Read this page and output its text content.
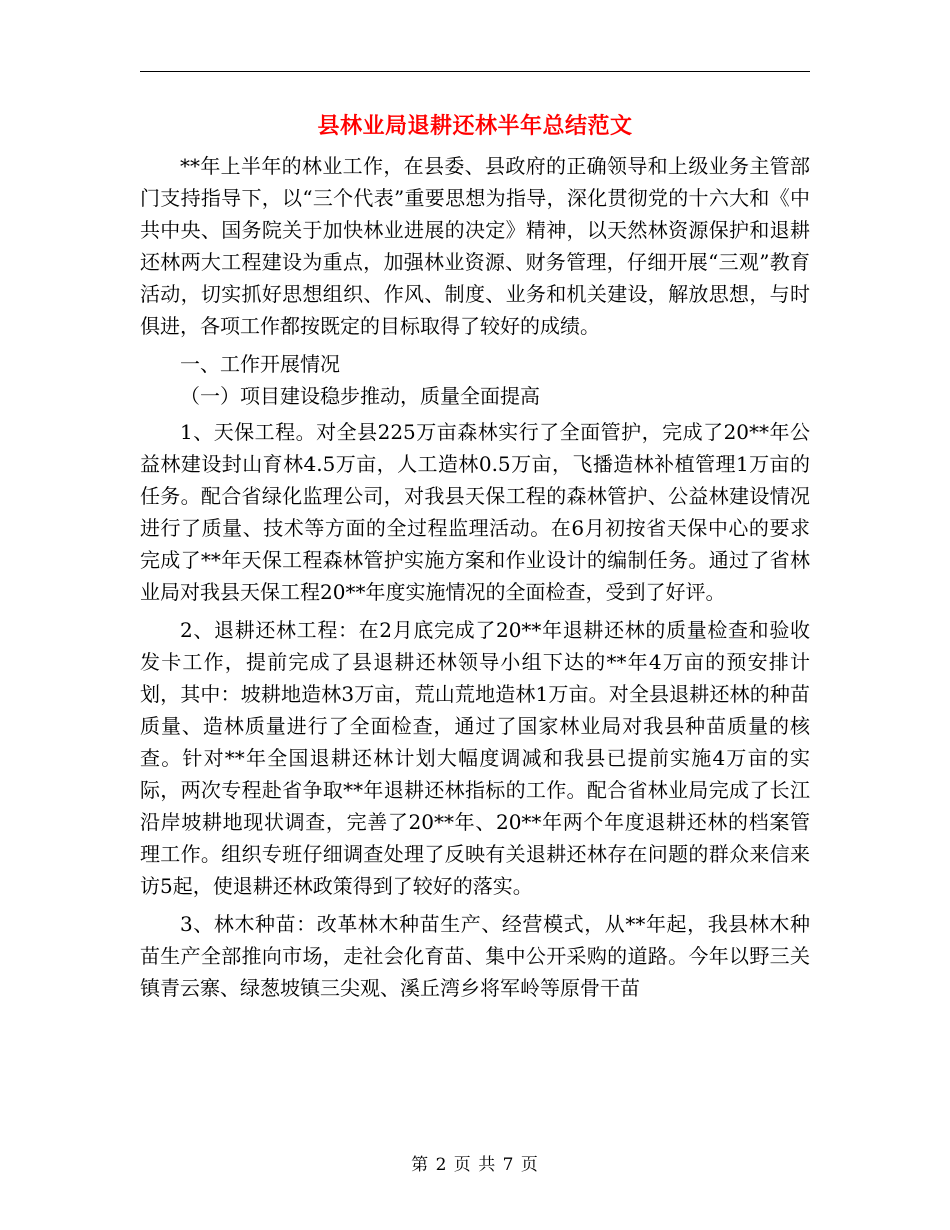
县林业局退耕还林半年总结范文

**年上半年的林业工作，在县委、县政府的正确领导和上级业务主管部门支持指导下，以“三个代表”重要思想为指导，深化贯彻党的十六大和《中共中央、国务院关于加快林业进展的决定》精神，以天然林资源保护和退耕还林两大工程建设为重点，加强林业资源、财务管理，仔细开展“三观”教育活动，切实抓好思想组织、作风、制度、业务和机关建设，解放思想，与时俱进，各项工作都按既定的目标取得了较好的成绩。

一、工作开展情况

（一）项目建设稳步推动，质量全面提高

1、天保工程。对全县225万亩森林实行了全面管护，完成了20**年公益林建设封山育林4.5万亩，人工造林0.5万亩，飞播造林补植管理1万亩的任务。配合省绿化监理公司，对我县天保工程的森林管护、公益林建设情况进行了质量、技术等方面的全过程监理活动。在6月初按省天保中心的要求完成了**年天保工程森林管护实施方案和作业设计的编制任务。通过了省林业局对我县天保工程20**年度实施情况的全面检查，受到了好评。

2、退耕还林工程：在2月底完成了20**年退耕还林的质量检查和验收发卡工作，提前完成了县退耕还林领导小组下达的**年4万亩的预安排计划，其中：坡耕地造林3万亩，荒山荒地造林1万亩。对全县退耕还林的种苗质量、造林质量进行了全面检查，通过了国家林业局对我县种苗质量的核查。针对**年全国退耕还林计划大幅度调减和我县已提前实施4万亩的实际，两次专程赴省争取**年退耕还林指标的工作。配合省林业局完成了长江沿岸坡耕地现状调查，完善了20**年、20**年两个年度退耕还林的档案管理工作。组织专班仔细调查处理了反映有关退耕还林存在问题的群众来信来访5起，使退耕还林政策得到了较好的落实。

3、林木种苗：改革林木种苗生产、经营模式，从**年起，我县林木种苗生产全部推向市场，走社会化育苗、集中公开采购的道路。今年以野三关镇青云寨、绿葱坡镇三尖观、溪丘湾乡将军岭等原骨干苗

第 2 页 共 7 页
